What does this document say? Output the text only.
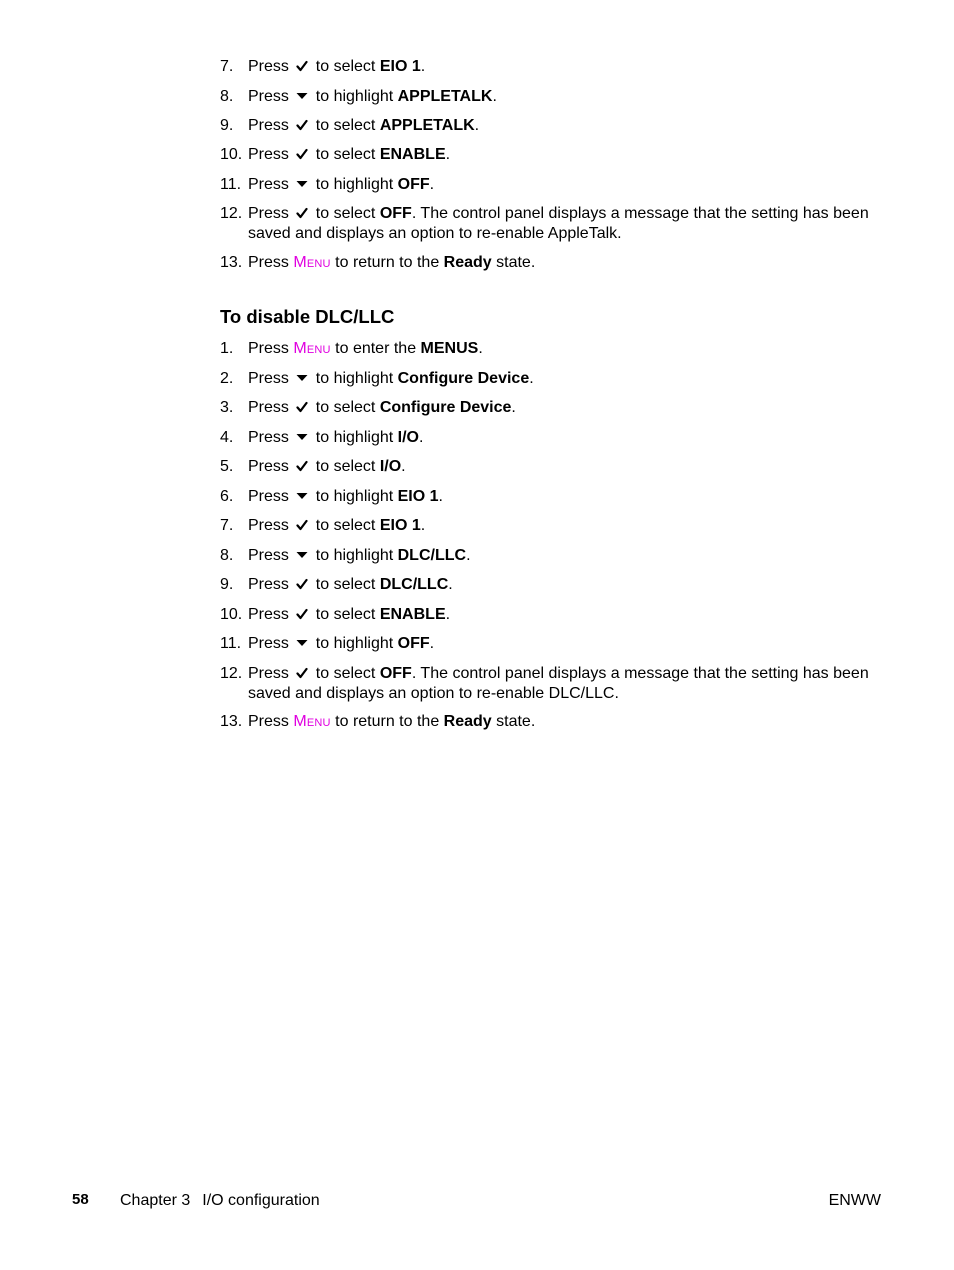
7. Press
to select EIO 1.
8. Press
to highlight APPLETALK.
9. Press
to select APPLETALK.
10. Press
to select ENABLE.
11. Press
to highlight OFF.
12. Press
to select OFF. The control panel displays a message that the setting has been saved and displays an option to re-enable AppleTalk.
13. Press Menu to return to the Ready state.
To disable DLC/LLC
1. Press Menu to enter the MENUS.
2. Press
to highlight Configure Device.
3. Press
to select Configure Device.
4. Press
to highlight I/O.
5. Press
to select I/O.
6. Press
to highlight EIO 1.
7. Press
to select EIO 1.
8. Press
to highlight DLC/LLC.
9. Press
to select DLC/LLC.
10. Press
to select ENABLE.
11. Press
to highlight OFF.
12. Press
to select OFF. The control panel displays a message that the setting has been saved and displays an option to re-enable DLC/LLC.
13. Press Menu to return to the Ready state.
58 Chapter 3 I/O configuration	ENWW
